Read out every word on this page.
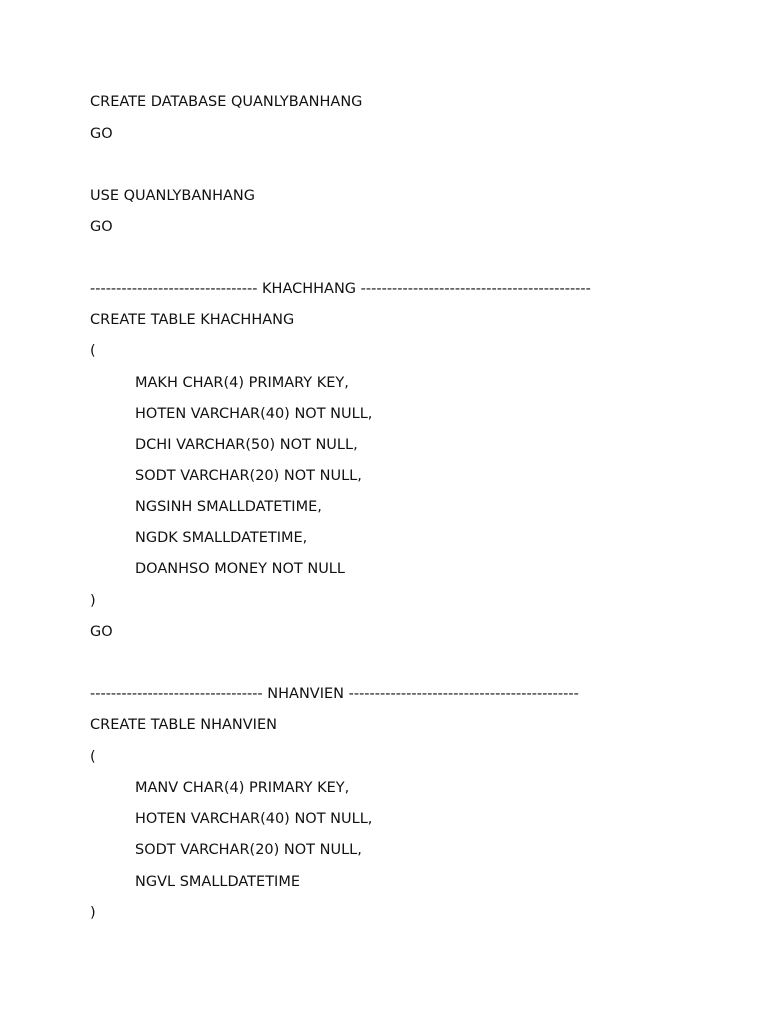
CREATE DATABASE QUANLYBANHANG
GO
USE QUANLYBANHANG
GO
-------------------------------- KHACHHANG --------------------------------------------
CREATE TABLE KHACHHANG
(
MAKH CHAR(4) PRIMARY KEY,
HOTEN VARCHAR(40) NOT NULL,
DCHI VARCHAR(50) NOT NULL,
SODT VARCHAR(20) NOT NULL,
NGSINH SMALLDATETIME,
NGDK SMALLDATETIME,
DOANHSO MONEY NOT NULL
)
GO
--------------------------------- NHANVIEN --------------------------------------------
CREATE TABLE NHANVIEN
(
MANV CHAR(4) PRIMARY KEY,
HOTEN VARCHAR(40) NOT NULL,
SODT VARCHAR(20) NOT NULL,
NGVL SMALLDATETIME
)
